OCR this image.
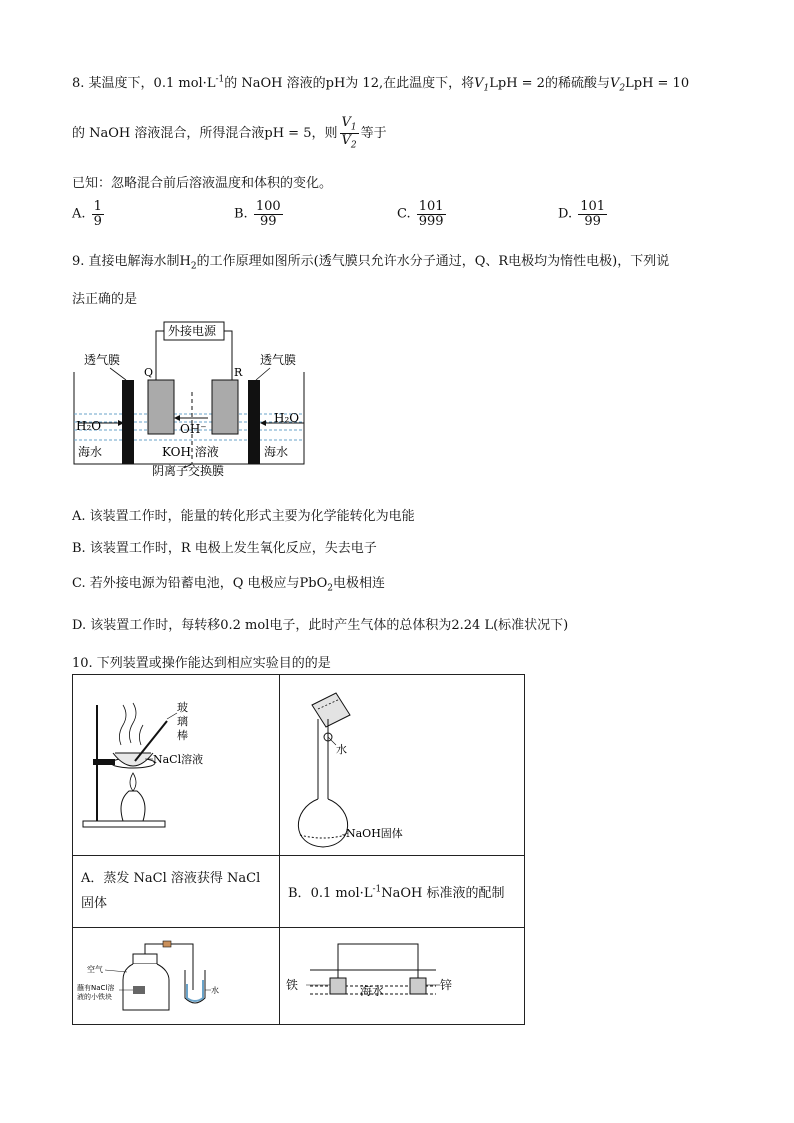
8. 某温度下，0.1 $mol\cdot L^{-1}$的 NaOH 溶液的pH为 12,在此温度下，将$V_1LpH = 2$的稀硫酸与$V_2LpH = 10$
的 NaOH 溶液混合，所得混合液pH = 5，则 $\frac{V_1}{V_2}$ 等于
已知：忽略混合前后溶液温度和体积的变化。
A. $\frac{1}{9}$	B. $\frac{100}{99}$	C. $\frac{101}{999}$	D. $\frac{101}{99}$
9. 直接电解海水制$H_2$的工作原理如图所示(透气膜只允许水分子通过，Q、R电极均为惰性电极)，下列说
法正确的是
外接电源
透气膜	透气膜
Q	R
H₂O
H₂O
OH⁻
KOH 溶液
海水	海水
阴离子交换膜
A. 该装置工作时，能量的转化形式主要为化学能转化为电能
B. 该装置工作时，R 电极上发生氧化反应，失去电子
C. 若外接电源为铅蓄电池，Q 电极应与PbO$_2$电极相连
D. 该装置工作时，每转移0.2 mol电子，此时产生气体的总体积为2.24 L(标准状况下)
10. 下列装置或操作能达到相应实验目的的是
玻
璃
棒
NaCl溶液	水
NaOH固体

A．蒸发 NaCl 溶液获得 NaCl 固体	B．0.1 $mol\cdot L^{-1}NaOH$ 标准液的配制

空气
蘸有NaCl溶
液的小铁块
水	铁 锌
海水
